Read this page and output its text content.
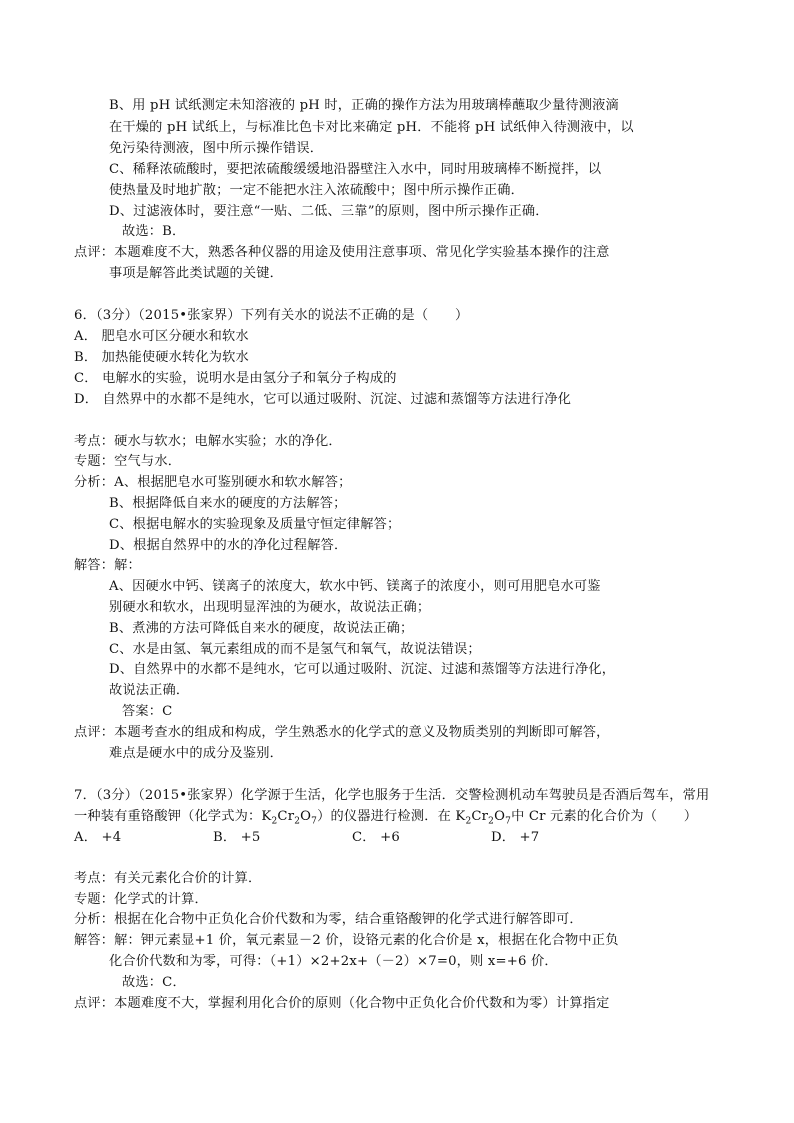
B、用 pH 试纸测定未知溶液的 pH 时，正确的操作方法为用玻璃棒蘸取少量待测液滴
在干燥的 pH 试纸上，与标准比色卡对比来确定 pH．不能将 pH 试纸伸入待测液中，以
免污染待测液，图中所示操作错误．
C、稀释浓硫酸时，要把浓硫酸缓缓地沿器壁注入水中，同时用玻璃棒不断搅拌，以
使热量及时地扩散；一定不能把水注入浓硫酸中；图中所示操作正确．
D、过滤液体时，要注意“一贴、二低、三靠”的原则，图中所示操作正确．
故选：B．
点评：本题难度不大，熟悉各种仪器的用途及使用注意事项、常见化学实验基本操作的注意
事项是解答此类试题的关键．
6．（3分）（2015•张家界）下列有关水的说法不正确的是（　　）
A． 肥皂水可区分硬水和软水
B． 加热能使硬水转化为软水
C． 电解水的实验，说明水是由氢分子和氧分子构成的
D． 自然界中的水都不是纯水，它可以通过吸附、沉淀、过滤和蒸馏等方法进行净化
考点：硬水与软水；电解水实验；水的净化．
专题：空气与水．
分析：A、根据肥皂水可鉴别硬水和软水解答；
B、根据降低自来水的硬度的方法解答；
C、根据电解水的实验现象及质量守恒定律解答；
D、根据自然界中的水的净化过程解答．
解答：解：
A、因硬水中钙、镁离子的浓度大，软水中钙、镁离子的浓度小，则可用肥皂水可鉴
别硬水和软水，出现明显浑浊的为硬水，故说法正确；
B、煮沸的方法可降低自来水的硬度，故说法正确；
C、水是由氢、氧元素组成的而不是氢气和氧气，故说法错误；
D、自然界中的水都不是纯水，它可以通过吸附、沉淀、过滤和蒸馏等方法进行净化，
故说法正确．
答案：C
点评：本题考查水的组成和构成，学生熟悉水的化学式的意义及物质类别的判断即可解答，
难点是硬水中的成分及鉴别．
7．（3分）（2015•张家界）化学源于生活，化学也服务于生活．交警检测机动车驾驶员是否酒后驾车，常用
一种装有重铬酸钾（化学式为：$K_2Cr_2O_7$）的仪器进行检测．在 $K_2Cr_2O_7$中 Cr 元素的化合价为（　　）
A． +4	B． +5	C． +6	D． +7
考点：有关元素化合价的计算．
专题：化学式的计算．
分析：根据在化合物中正负化合价代数和为零，结合重铬酸钾的化学式进行解答即可．
解答：解：钾元素显+1 价，氧元素显－2 价，设铬元素的化合价是 x，根据在化合物中正负
化合价代数和为零，可得：（+1）×2+2x+（－2）×7=0，则 x=+6 价．
故选：C．
点评：本题难度不大，掌握利用化合价的原则（化合物中正负化合价代数和为零）计算指定
